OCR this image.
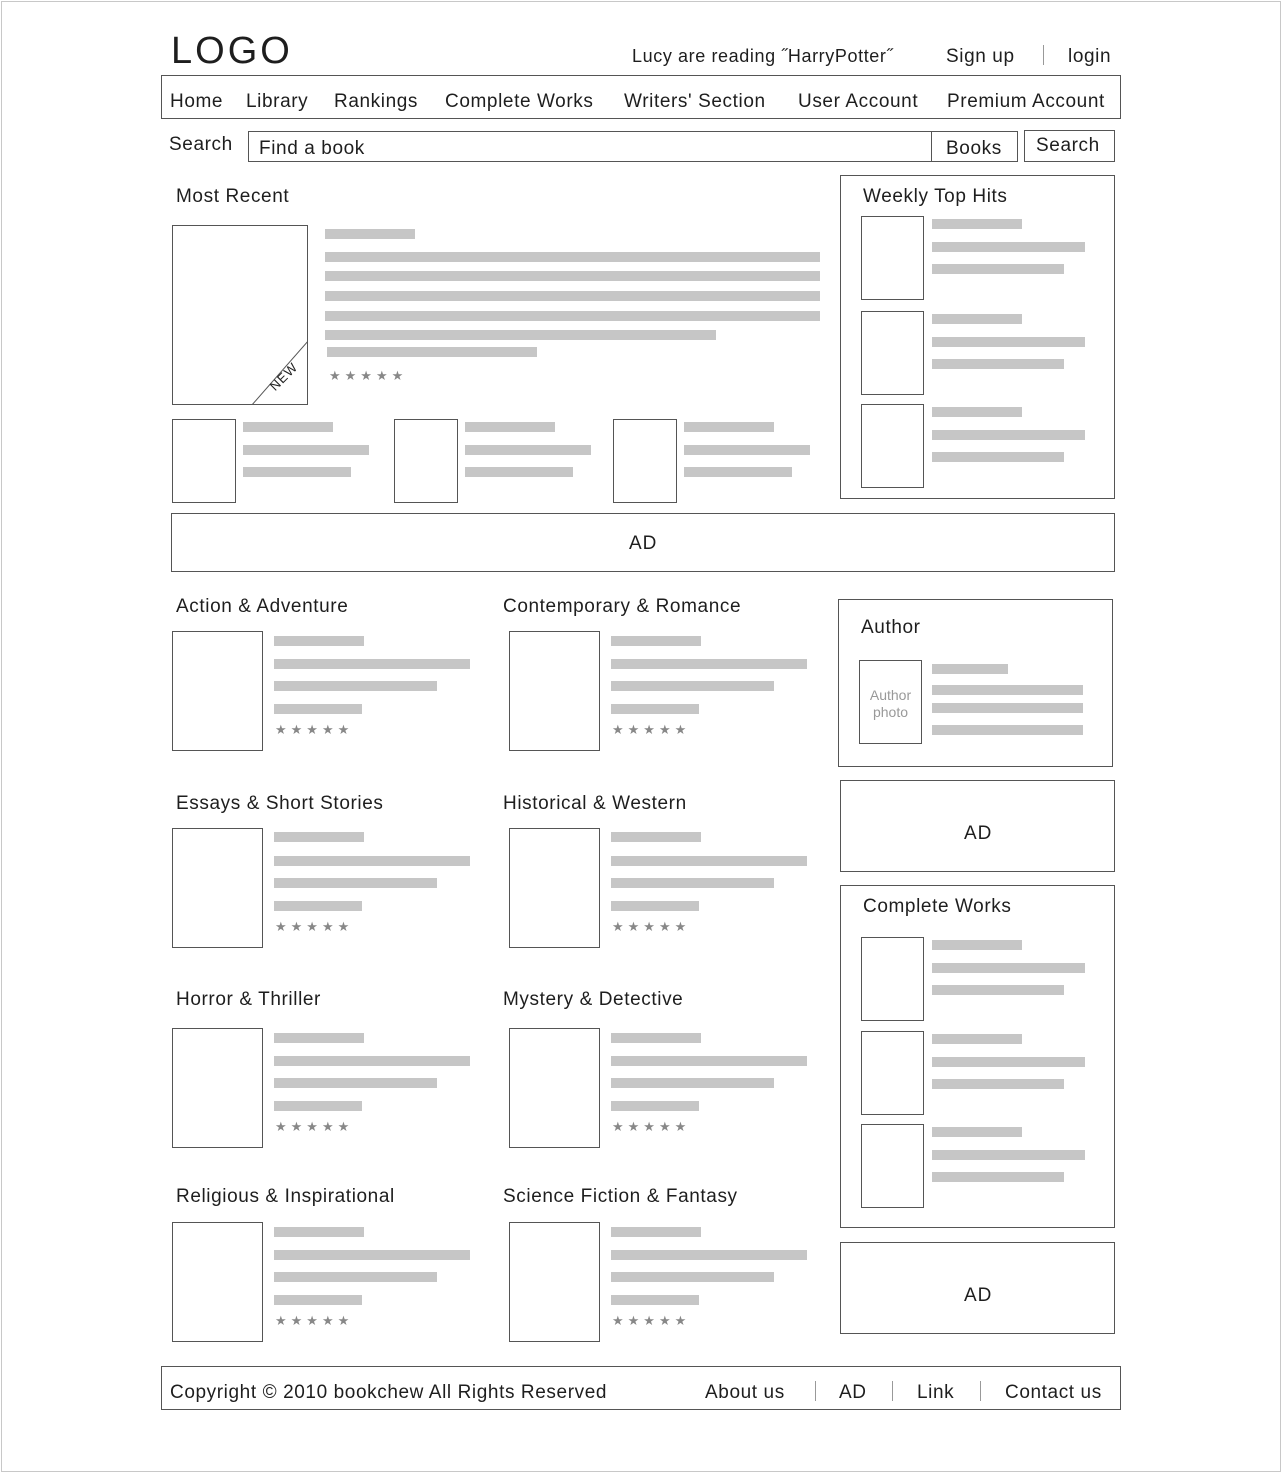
LOGO	Lucy are reading ˝HarryPotter˝	Sign up	login
Home Library Rankings Complete Works Writers' Section User Account Premium Account
Search Find a book	Books Search
Most Recent
NEW ★★★★★
Weekly Top Hits
AD
Action & Adventure
★★★★★
Contemporary & Romance
★★★★★
Essays & Short Stories
★★★★★
Historical & Western
★★★★★
Horror & Thriller
★★★★★
Mystery & Detective
★★★★★
Religious & Inspirational
★★★★★
Science Fiction & Fantasy
★★★★★
Author
Author
photo
AD
Complete Works
AD
Copyright © 2010 bookchew All Rights Reserved	About us	AD	Link	Contact us
